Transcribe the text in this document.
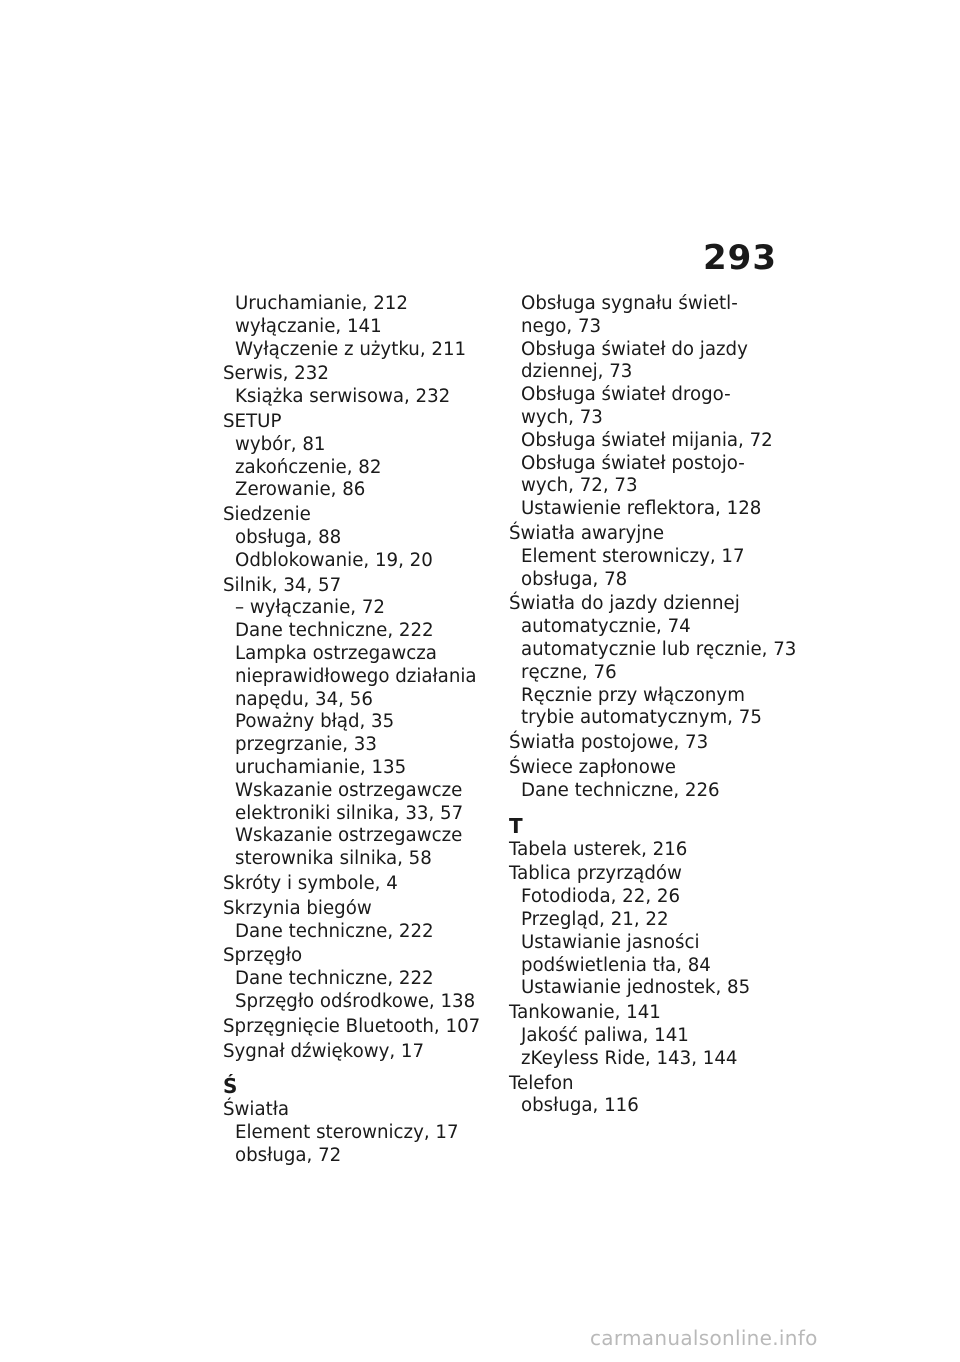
293
Uruchamianie, 212
wyłączanie, 141
Wyłączenie z użytku, 211
Serwis, 232
Książka serwisowa, 232
SETUP
wybór, 81
zakończenie, 82
Zerowanie, 86
Siedzenie
obsługa, 88
Odblokowanie, 19, 20
Silnik, 34, 57
– wyłączanie, 72
Dane techniczne, 222
Lampka ostrzegawcza
nieprawidłowego działania
napędu, 34, 56
Poważny błąd, 35
przegrzanie, 33
uruchamianie, 135
Wskazanie ostrzegawcze
elektroniki silnika, 33, 57
Wskazanie ostrzegawcze
sterownika silnika, 58
Skróty i symbole, 4
Skrzynia biegów
Dane techniczne, 222
Sprzęgło
Dane techniczne, 222
Sprzęgło odśrodkowe, 138
Sprzęgnięcie Bluetooth, 107
Sygnał dźwiękowy, 17
Ś
Światła
Element sterowniczy, 17
obsługa, 72
Obsługa sygnału świetl-
nego, 73
Obsługa świateł do jazdy
dziennej, 73
Obsługa świateł drogo-
wych, 73
Obsługa świateł mijania, 72
Obsługa świateł postojo-
wych, 72, 73
Ustawienie reflektora, 128
Światła awaryjne
Element sterowniczy, 17
obsługa, 78
Światła do jazdy dziennej
automatycznie, 74
automatycznie lub ręcznie, 73
ręczne, 76
Ręcznie przy włączonym
trybie automatycznym, 75
Światła postojowe, 73
Świece zapłonowe
Dane techniczne, 226
T
Tabela usterek, 216
Tablica przyrządów
Fotodioda, 22, 26
Przegląd, 21, 22
Ustawianie jasności
podświetlenia tła, 84
Ustawianie jednostek, 85
Tankowanie, 141
Jakość paliwa, 141
zKeyless Ride, 143, 144
Telefon
obsługa, 116
carmanualsonline.info
